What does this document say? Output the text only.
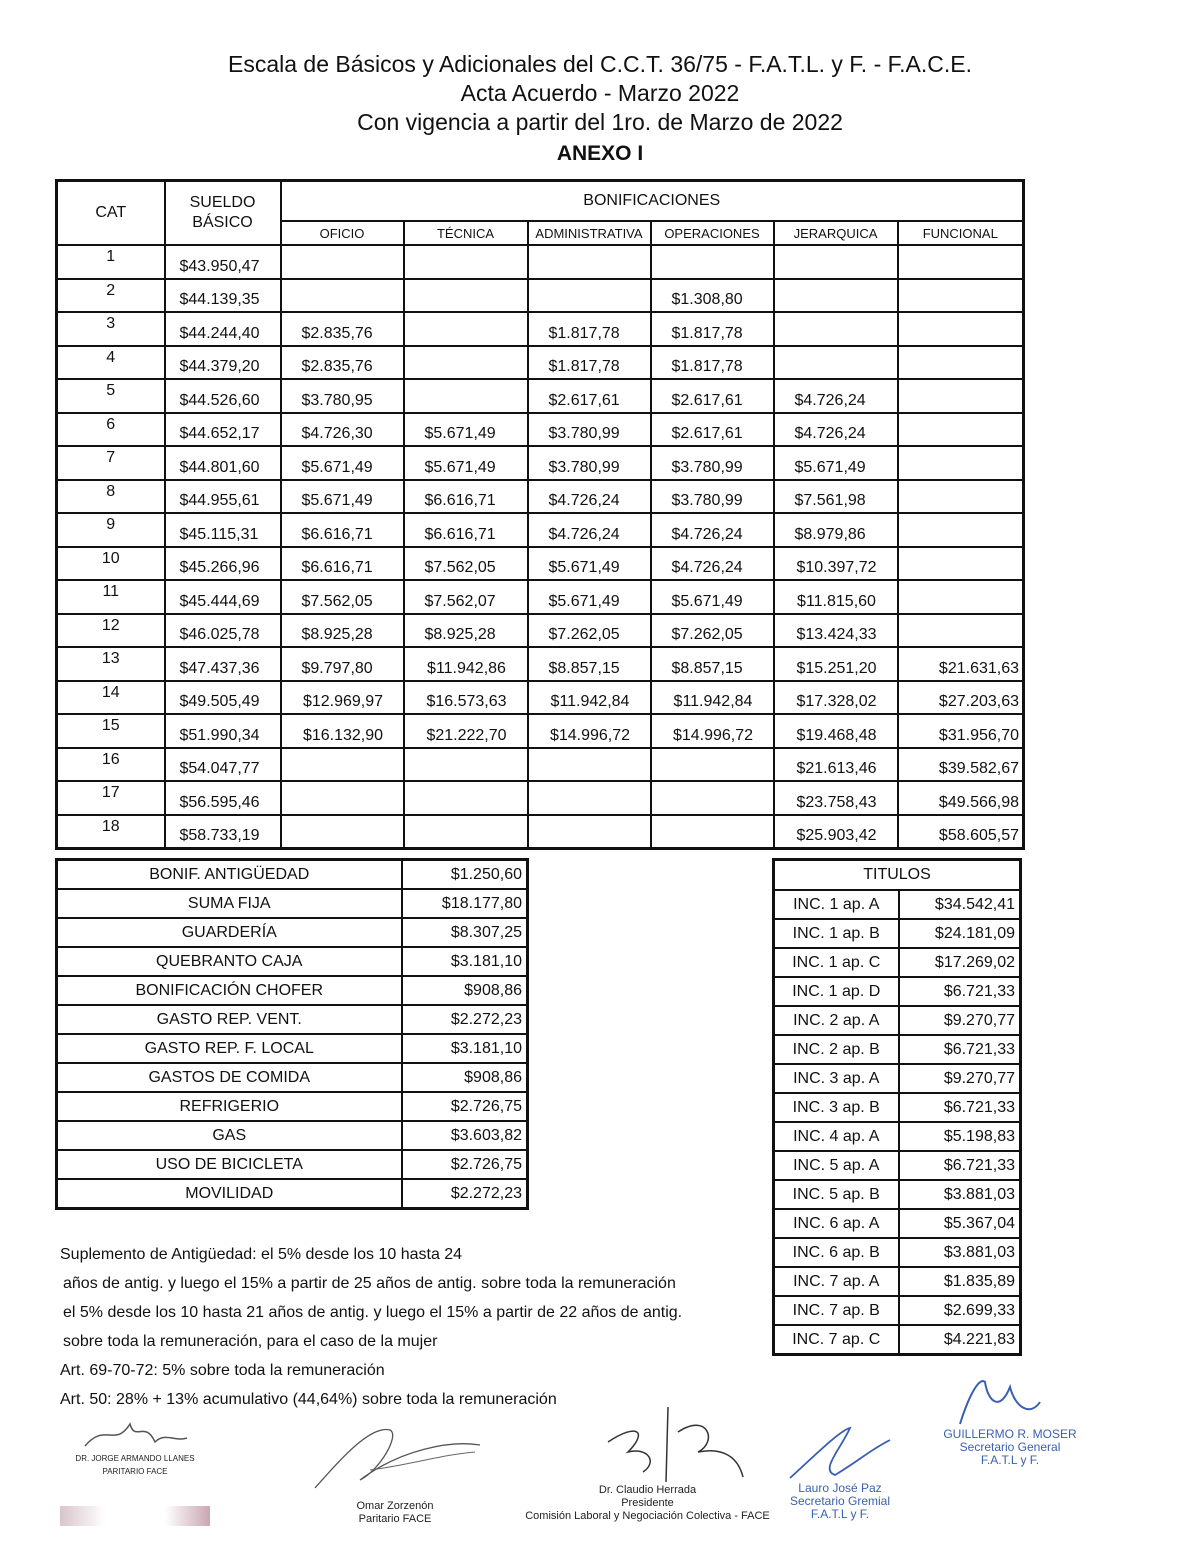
Escala de Básicos y Adicionales del C.C.T. 36/75 - F.A.T.L. y F. - F.A.C.E.
Acta Acuerdo - Marzo 2022
Con vigencia a partir del 1ro. de Marzo de 2022
ANEXO I
CAT	SUELDO BÁSICO	BONIFICACIONES					
		OFICIO	TÉCNICA	ADMINISTRATIVA	OPERACIONES	JERARQUICA	FUNCIONAL
1	$43.950,47						
2	$44.139,35				$1.308,80		
3	$44.244,40	$2.835,76		$1.817,78	$1.817,78		
4	$44.379,20	$2.835,76		$1.817,78	$1.817,78		
5	$44.526,60	$3.780,95		$2.617,61	$2.617,61	$4.726,24	
6	$44.652,17	$4.726,30	$5.671,49	$3.780,99	$2.617,61	$4.726,24	
7	$44.801,60	$5.671,49	$5.671,49	$3.780,99	$3.780,99	$5.671,49	
8	$44.955,61	$5.671,49	$6.616,71	$4.726,24	$3.780,99	$7.561,98	
9	$45.115,31	$6.616,71	$6.616,71	$4.726,24	$4.726,24	$8.979,86	
10	$45.266,96	$6.616,71	$7.562,05	$5.671,49	$4.726,24	$10.397,72	
11	$45.444,69	$7.562,05	$7.562,07	$5.671,49	$5.671,49	$11.815,60	
12	$46.025,78	$8.925,28	$8.925,28	$7.262,05	$7.262,05	$13.424,33	
13	$47.437,36	$9.797,80	$11.942,86	$8.857,15	$8.857,15	$15.251,20	$21.631,63
14	$49.505,49	$12.969,97	$16.573,63	$11.942,84	$11.942,84	$17.328,02	$27.203,63
15	$51.990,34	$16.132,90	$21.222,70	$14.996,72	$14.996,72	$19.468,48	$31.956,70
16	$54.047,77					$21.613,46	$39.582,67
17	$56.595,46					$23.758,43	$49.566,98
18	$58.733,19					$25.903,42	$58.605,57
BONIF. ANTIGÜEDAD	$1.250,60
SUMA FIJA	$18.177,80
GUARDERÍA	$8.307,25
QUEBRANTO CAJA	$3.181,10
BONIFICACIÓN CHOFER	$908,86
GASTO REP. VENT.	$2.272,23
GASTO REP. F. LOCAL	$3.181,10
GASTOS DE COMIDA	$908,86
REFRIGERIO	$2.726,75
GAS	$3.603,82
USO DE BICICLETA	$2.726,75
MOVILIDAD	$2.272,23
TITULOS	
INC. 1 ap. A	$34.542,41
INC. 1 ap. B	$24.181,09
INC. 1 ap. C	$17.269,02
INC. 1 ap. D	$6.721,33
INC. 2 ap. A	$9.270,77
INC. 2 ap. B	$6.721,33
INC. 3 ap. A	$9.270,77
INC. 3 ap. B	$6.721,33
INC. 4 ap. A	$5.198,83
INC. 5 ap. A	$6.721,33
INC. 5 ap. B	$3.881,03
INC. 6 ap. A	$5.367,04
INC. 6 ap. B	$3.881,03
INC. 7 ap. A	$1.835,89
INC. 7 ap. B	$2.699,33
INC. 7 ap. C	$4.221,83
Suplemento de Antigüedad: el 5% desde los 10 hasta 24
años de antig. y luego el 15% a partir de 25 años de antig. sobre toda la remuneración
el 5% desde los 10 hasta 21 años de antig. y luego el 15% a partir de 22 años de antig.
sobre toda la remuneración, para el caso de la mujer
Art. 69-70-72: 5% sobre toda la remuneración
Art. 50: 28% + 13% acumulativo (44,64%) sobre toda la remuneración
DR. JORGE ARMANDO LLANES
PARITARIO FACE
Omar Zorzenón
Paritario FACE
Dr. Claudio Herrada
Presidente
Comisión Laboral y Negociación Colectiva - FACE
Lauro José Paz
Secretario Gremial
F.A.T.L y F.
GUILLERMO R. MOSER
Secretario General
F.A.T.L y F.
